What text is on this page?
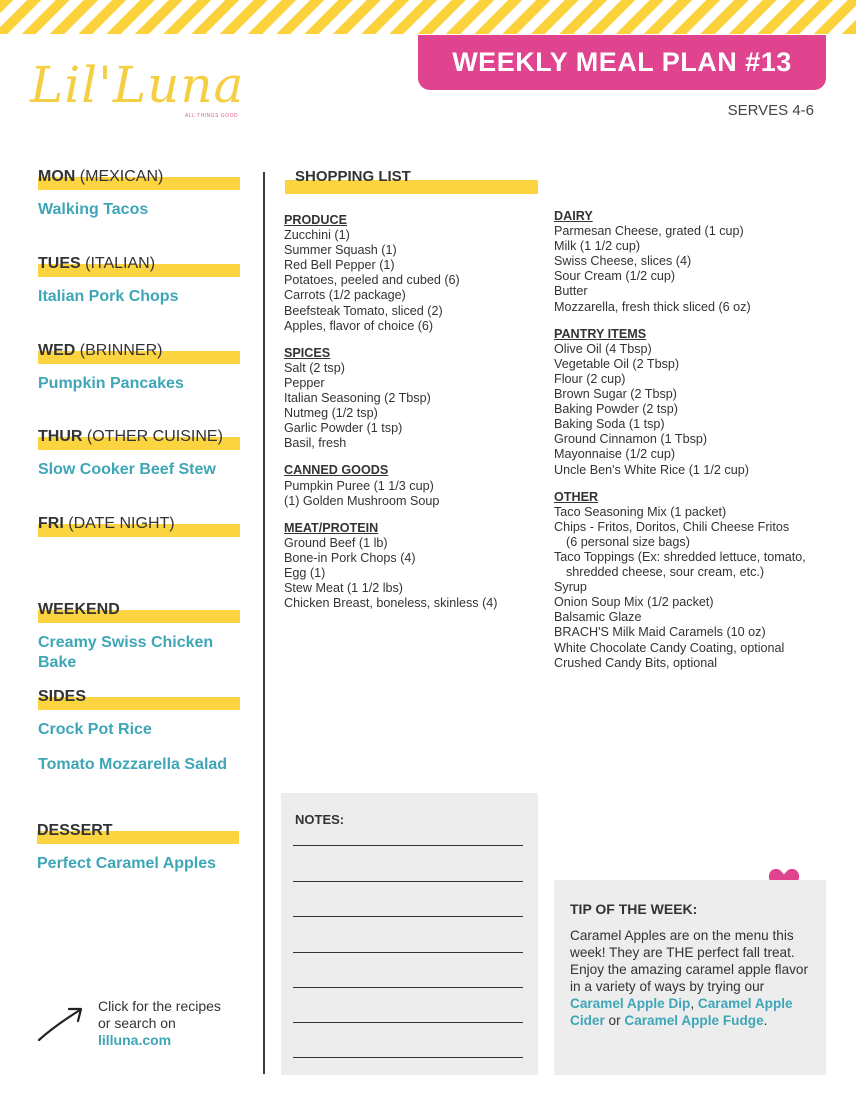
Lil'Luna
ALL THINGS GOOD
WEEKLY MEAL PLAN #13
SERVES 4-6
MON (MEXICAN)
Walking Tacos
TUES (ITALIAN)
Italian Pork Chops
WED (BRINNER)
Pumpkin Pancakes
THUR (OTHER CUISINE)
Slow Cooker Beef Stew
FRI (DATE NIGHT)
WEEKEND
Creamy Swiss Chicken Bake
SIDES
Crock Pot Rice
Tomato Mozzarella Salad
DESSERT
Perfect Caramel Apples
SHOPPING LIST
PRODUCE
Zucchini (1)
Summer Squash (1)
Red Bell Pepper (1)
Potatoes, peeled and cubed (6)
Carrots (1/2 package)
Beefsteak Tomato, sliced (2)
Apples, flavor of choice (6)
SPICES
Salt (2 tsp)
Pepper
Italian Seasoning (2 Tbsp)
Nutmeg (1/2 tsp)
Garlic Powder (1 tsp)
Basil, fresh
CANNED GOODS
Pumpkin Puree (1 1/3 cup)
(1) Golden Mushroom Soup
MEAT/PROTEIN
Ground Beef (1 lb)
Bone-in Pork Chops (4)
Egg (1)
Stew Meat (1 1/2 lbs)
Chicken Breast, boneless, skinless (4)
DAIRY
Parmesan Cheese, grated (1 cup)
Milk (1 1/2 cup)
Swiss Cheese, slices (4)
Sour Cream (1/2 cup)
Butter
Mozzarella, fresh thick sliced (6 oz)
PANTRY ITEMS
Olive Oil (4 Tbsp)
Vegetable Oil (2 Tbsp)
Flour (2 cup)
Brown Sugar (2 Tbsp)
Baking Powder (2 tsp)
Baking Soda (1 tsp)
Ground Cinnamon (1 Tbsp)
Mayonnaise (1/2 cup)
Uncle Ben's White Rice (1 1/2 cup)
OTHER
Taco Seasoning Mix (1 packet)
Chips - Fritos, Doritos, Chili Cheese Fritos
(6 personal size bags)
Taco Toppings (Ex: shredded lettuce, tomato,
shredded cheese, sour cream, etc.)
Syrup
Onion Soup Mix (1/2 packet)
Balsamic Glaze
BRACH'S Milk Maid Caramels (10 oz)
White Chocolate Candy Coating, optional
Crushed Candy Bits, optional
NOTES:
TIP OF THE WEEK:
Caramel Apples are on the menu this week! They are THE perfect fall treat. Enjoy the amazing caramel apple flavor in a variety of ways by trying our Caramel Apple Dip, Caramel Apple Cider or Caramel Apple Fudge.
Click for the recipes
or search on
lilluna.com
